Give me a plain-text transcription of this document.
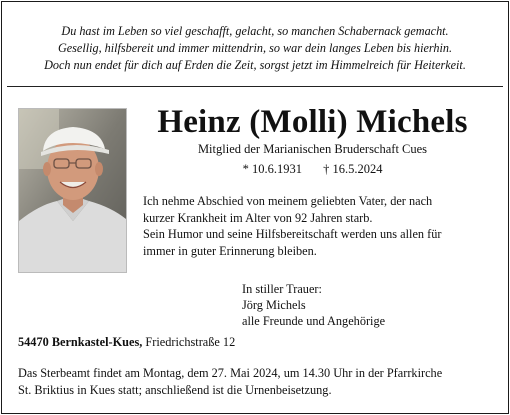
Du hast im Leben so viel geschafft, gelacht, so manchen Schabernack gemacht.
Gesellig, hilfsbereit und immer mittendrin, so war dein langes Leben bis hierhin.
Doch nun endet für dich auf Erden die Zeit, sorgst jetzt im Himmelreich für Heiterkeit.
Heinz (Molli) Michels
Mitglied der Marianischen Bruderschaft Cues
* 10.6.1931 † 16.5.2024
Ich nehme Abschied von meinem geliebten Vater, der nach
kurzer Krankheit im Alter von 92 Jahren starb.
Sein Humor und seine Hilfsbereitschaft werden uns allen für
immer in guter Erinnerung bleiben.
In stiller Trauer:
Jörg Michels
alle Freunde und Angehörige
54470 Bernkastel-Kues, Friedrichstraße 12
Das Sterbeamt findet am Montag, dem 27. Mai 2024, um 14.30 Uhr in der Pfarrkirche
St. Briktius in Kues statt; anschließend ist die Urnenbeisetzung.
